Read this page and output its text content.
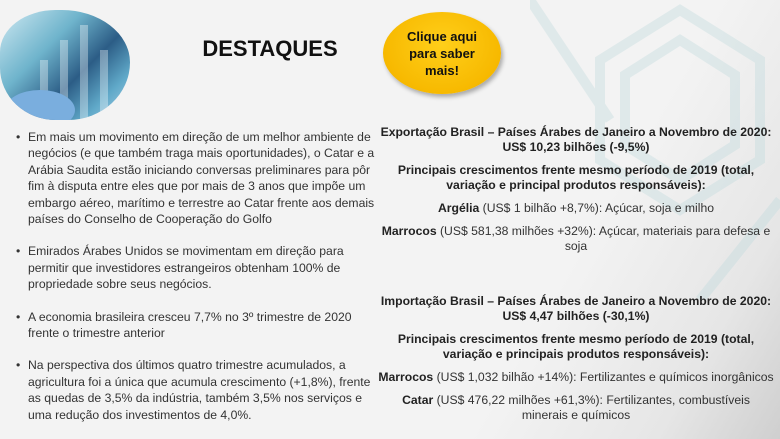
DESTAQUES	Clique aqui para saber mais!
• Em mais um movimento em direção de um melhor ambiente de negócios (e que também traga mais oportunidades), o Catar e a Arábia Saudita estão iniciando conversas preliminares para pôr fim à disputa entre eles que por mais de 3 anos que impõe um embargo aéreo, marítimo e terrestre ao Catar frente aos demais países do Conselho de Cooperação do Golfo
• Emirados Árabes Unidos se movimentam em direção para permitir que investidores estrangeiros obtenham 100% de propriedade sobre seus negócios.
• A economia brasileira cresceu 7,7% no 3º trimestre de 2020 frente o trimestre anterior
• Na perspectiva dos últimos quatro trimestre acumulados, a agricultura foi a única que acumula crescimento (+1,8%), frente as quedas de 3,5% da indústria, também 3,5% nos serviços e uma redução dos investimentos de 4,0%.
Exportação Brasil – Países Árabes de Janeiro a Novembro de 2020: US$ 10,23 bilhões (-9,5%)
Principais crescimentos frente mesmo período de 2019 (total, variação e principal produtos responsáveis):

Argélia (US$ 1 bilhão +8,7%): Açúcar, soja e milho

Marrocos (US$ 581,38 milhões +32%): Açúcar, materiais para defesa e soja

Importação Brasil – Países Árabes de Janeiro a Novembro de 2020: US$ 4,47 bilhões (-30,1%)
Principais crescimentos frente mesmo período de 2019 (total, variação e principais produtos responsáveis):

Marrocos (US$ 1,032 bilhão +14%): Fertilizantes e químicos inorgânicos

Catar (US$ 476,22 milhões +61,3%): Fertilizantes, combustíveis minerais e químicos
